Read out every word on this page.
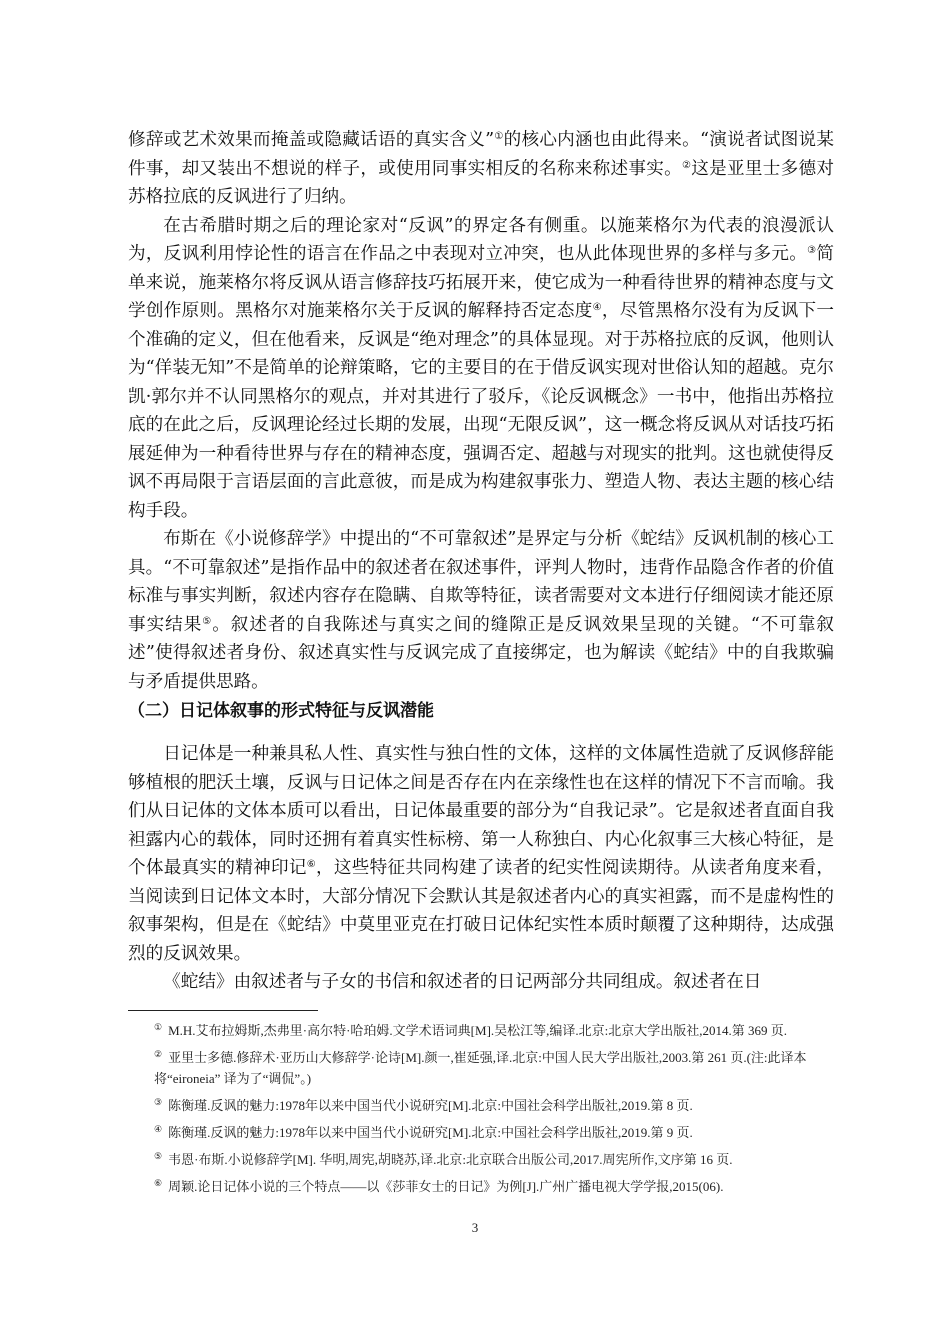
修辞或艺术效果而掩盖或隐藏话语的真实含义”①的核心内涵也由此得来。“演说者试图说某件事，却又装出不想说的样子，或使用同事实相反的名称来称述事实。②这是亚里士多德对苏格拉底的反讽进行了归纳。

在古希腊时期之后的理论家对“反讽”的界定各有侧重。以施莱格尔为代表的浪漫派认为，反讽利用悖论性的语言在作品之中表现对立冲突，也从此体现世界的多样与多元。③简单来说，施莱格尔将反讽从语言修辞技巧拓展开来，使它成为一种看待世界的精神态度与文学创作原则。黑格尔对施莱格尔关于反讽的解释持否定态度④，尽管黑格尔没有为反讽下一个准确的定义，但在他看来，反讽是“绝对理念”的具体显现。对于苏格拉底的反讽，他则认为“佯装无知”不是简单的论辩策略，它的主要目的在于借反讽实现对世俗认知的超越。克尔凯·郭尔并不认同黑格尔的观点，并对其进行了驳斥，《论反讽概念》一书中，他指出苏格拉底的在此之后，反讽理论经过长期的发展，出现“无限反讽”，这一概念将反讽从对话技巧拓展延伸为一种看待世界与存在的精神态度，强调否定、超越与对现实的批判。这也就使得反讽不再局限于言语层面的言此意彼，而是成为构建叙事张力、塑造人物、表达主题的核心结构手段。

布斯在《小说修辞学》中提出的“不可靠叙述”是界定与分析《蛇结》反讽机制的核心工具。“不可靠叙述”是指作品中的叙述者在叙述事件，评判人物时，违背作品隐含作者的价值标准与事实判断，叙述内容存在隐瞒、自欺等特征，读者需要对文本进行仔细阅读才能还原事实结果⑤。叙述者的自我陈述与真实之间的缝隙正是反讽效果呈现的关键。“不可靠叙述”使得叙述者身份、叙述真实性与反讽完成了直接绑定，也为解读《蛇结》中的自我欺骗与矛盾提供思路。

（二）日记体叙事的形式特征与反讽潜能

日记体是一种兼具私人性、真实性与独白性的文体，这样的文体属性造就了反讽修辞能够植根的肥沃土壤，反讽与日记体之间是否存在内在亲缘性也在这样的情况下不言而喻。我们从日记体的文体本质可以看出，日记体最重要的部分为“自我记录”。它是叙述者直面自我袒露内心的载体，同时还拥有着真实性标榜、第一人称独白、内心化叙事三大核心特征，是个体最真实的精神印记⑥，这些特征共同构建了读者的纪实性阅读期待。从读者角度来看，当阅读到日记体文本时，大部分情况下会默认其是叙述者内心的真实袒露，而不是虚构性的叙事架构，但是在《蛇结》中莫里亚克在打破日记体纪实性本质时颠覆了这种期待，达成强烈的反讽效果。

《蛇结》由叙述者与子女的书信和叙述者的日记两部分共同组成。叙述者在日

① M.H.艾布拉姆斯,杰弗里·高尔特·哈珀姆.文学术语词典[M].吴松江等,编译.北京:北京大学出版社,2014.第 369 页.

② 亚里士多德.修辞术·亚历山大修辞学·论诗[M].颜一,崔延强,译.北京:中国人民大学出版社,2003.第 261 页.(注:此译本将“eironeia” 译为了“调侃”。)

③ 陈衡瑾.反讽的魅力:1978年以来中国当代小说研究[M].北京:中国社会科学出版社,2019.第 8 页.

④ 陈衡瑾.反讽的魅力:1978年以来中国当代小说研究[M].北京:中国社会科学出版社,2019.第 9 页.

⑤ 韦恩·布斯.小说修辞学[M]. 华明,周宪,胡晓苏,译.北京:北京联合出版公司,2017.周宪所作,文序第 16 页.

⑥ 周颖.论日记体小说的三个特点——以《莎菲女士的日记》为例[J].广州广播电视大学学报,2015(06).

3
